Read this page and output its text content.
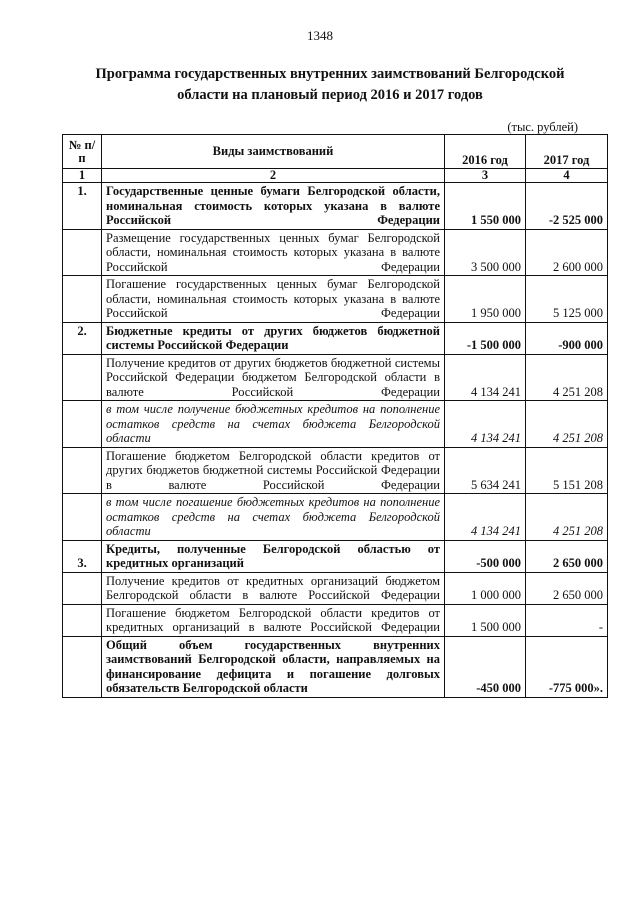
1348
Программа государственных внутренних заимствований Белгородской
области на плановый период 2016 и 2017 годов
(тыс. рублей)
№ п/п	Виды заимствований	2016 год	2017 год
1	2	3	4
1.	Государственные ценные бумаги Белгородской области, номинальная стоимость которых указана в валюте Российской Федерации	1 550 000	-2 525 000
	Размещение государственных ценных бумаг Белгородской области, номинальная стоимость которых указана в валюте Российской Федерации	3 500 000	2 600 000
	Погашение государственных ценных бумаг Белгородской области, номинальная стоимость которых указана в валюте Российской Федерации	1 950 000	5 125 000
2.	Бюджетные кредиты от других бюджетов бюджетной системы Российской Федерации	-1 500 000	-900 000
	Получение кредитов от других бюджетов бюджетной системы Российской Федерации бюджетом Белгородской области в валюте Российской Федерации	4 134 241	4 251 208
	в том числе получение бюджетных кредитов на пополнение остатков средств на счетах бюджета Белгородской области	4 134 241	4 251 208
	Погашение бюджетом Белгородской области кредитов от других бюджетов бюджетной системы Российской Федерации в валюте Российской Федерации	5 634 241	5 151 208
	в том числе погашение бюджетных кредитов на пополнение остатков средств на счетах бюджета Белгородской области	4 134 241	4 251 208
3.	Кредиты, полученные Белгородской областью от кредитных организаций	-500 000	2 650 000
	Получение кредитов от кредитных организаций бюджетом Белгородской области в валюте Российской Федерации	1 000 000	2 650 000
	Погашение бюджетом Белгородской области кредитов от кредитных организаций в валюте Российской Федерации	1 500 000	-
	Общий объем государственных внутренних заимствований Белгородской области, направляемых на финансирование дефицита и погашение долговых обязательств Белгородской области	-450 000	-775 000».
